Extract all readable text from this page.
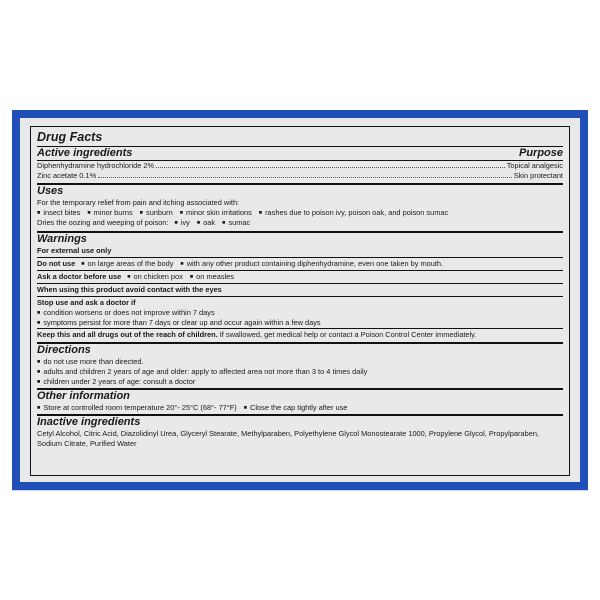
Drug Facts
Active ingredients	Purpose
Diphenhydramine hydrochloride 2%	Topical analgesic
Zinc acetate 0.1%	Skin protectant
Uses
For the temporary relief from pain and itching associated with:
■ insect bites ■ minor burns ■ sunburn ■ minor skin irritations ■ rashes due to poison ivy, poison oak, and poison sumac
Dries the oozing and weeping of poison: ■ ivy ■ oak ■ sumac
Warnings
For external use only
Do not use ■ on large areas of the body ■ with any other product containing diphenhydramine, even one taken by mouth.
Ask a doctor before use ■ on chicken pox ■ on measles
When using this product avoid contact with the eyes
Stop use and ask a doctor if
■ condition worsens or does not improve within 7 days
■ symptoms persist for more than 7 days or clear up and occur again within a few days
Keep this and all drugs out of the reach of children. If swallowed, get medical help or contact a Poison Control Center immediately.
Directions
■ do not use more than directed.
■ adults and children 2 years of age and older: apply to affected area not more than 3 to 4 times daily
■ children under 2 years of age: consult a doctor
Other information
■ Store at controlled room temperature 20°- 25°C (68°- 77°F) ■ Close the cap tightly after use
Inactive ingredients
Cetyl Alcohol, Citric Acid, Diazolidinyl Urea, Glyceryl Stearate, Methylparaben, Polyethylene Glycol Monostearate 1000, Propylene Glycol, Propylparaben, Sodium Citrate, Purified Water
